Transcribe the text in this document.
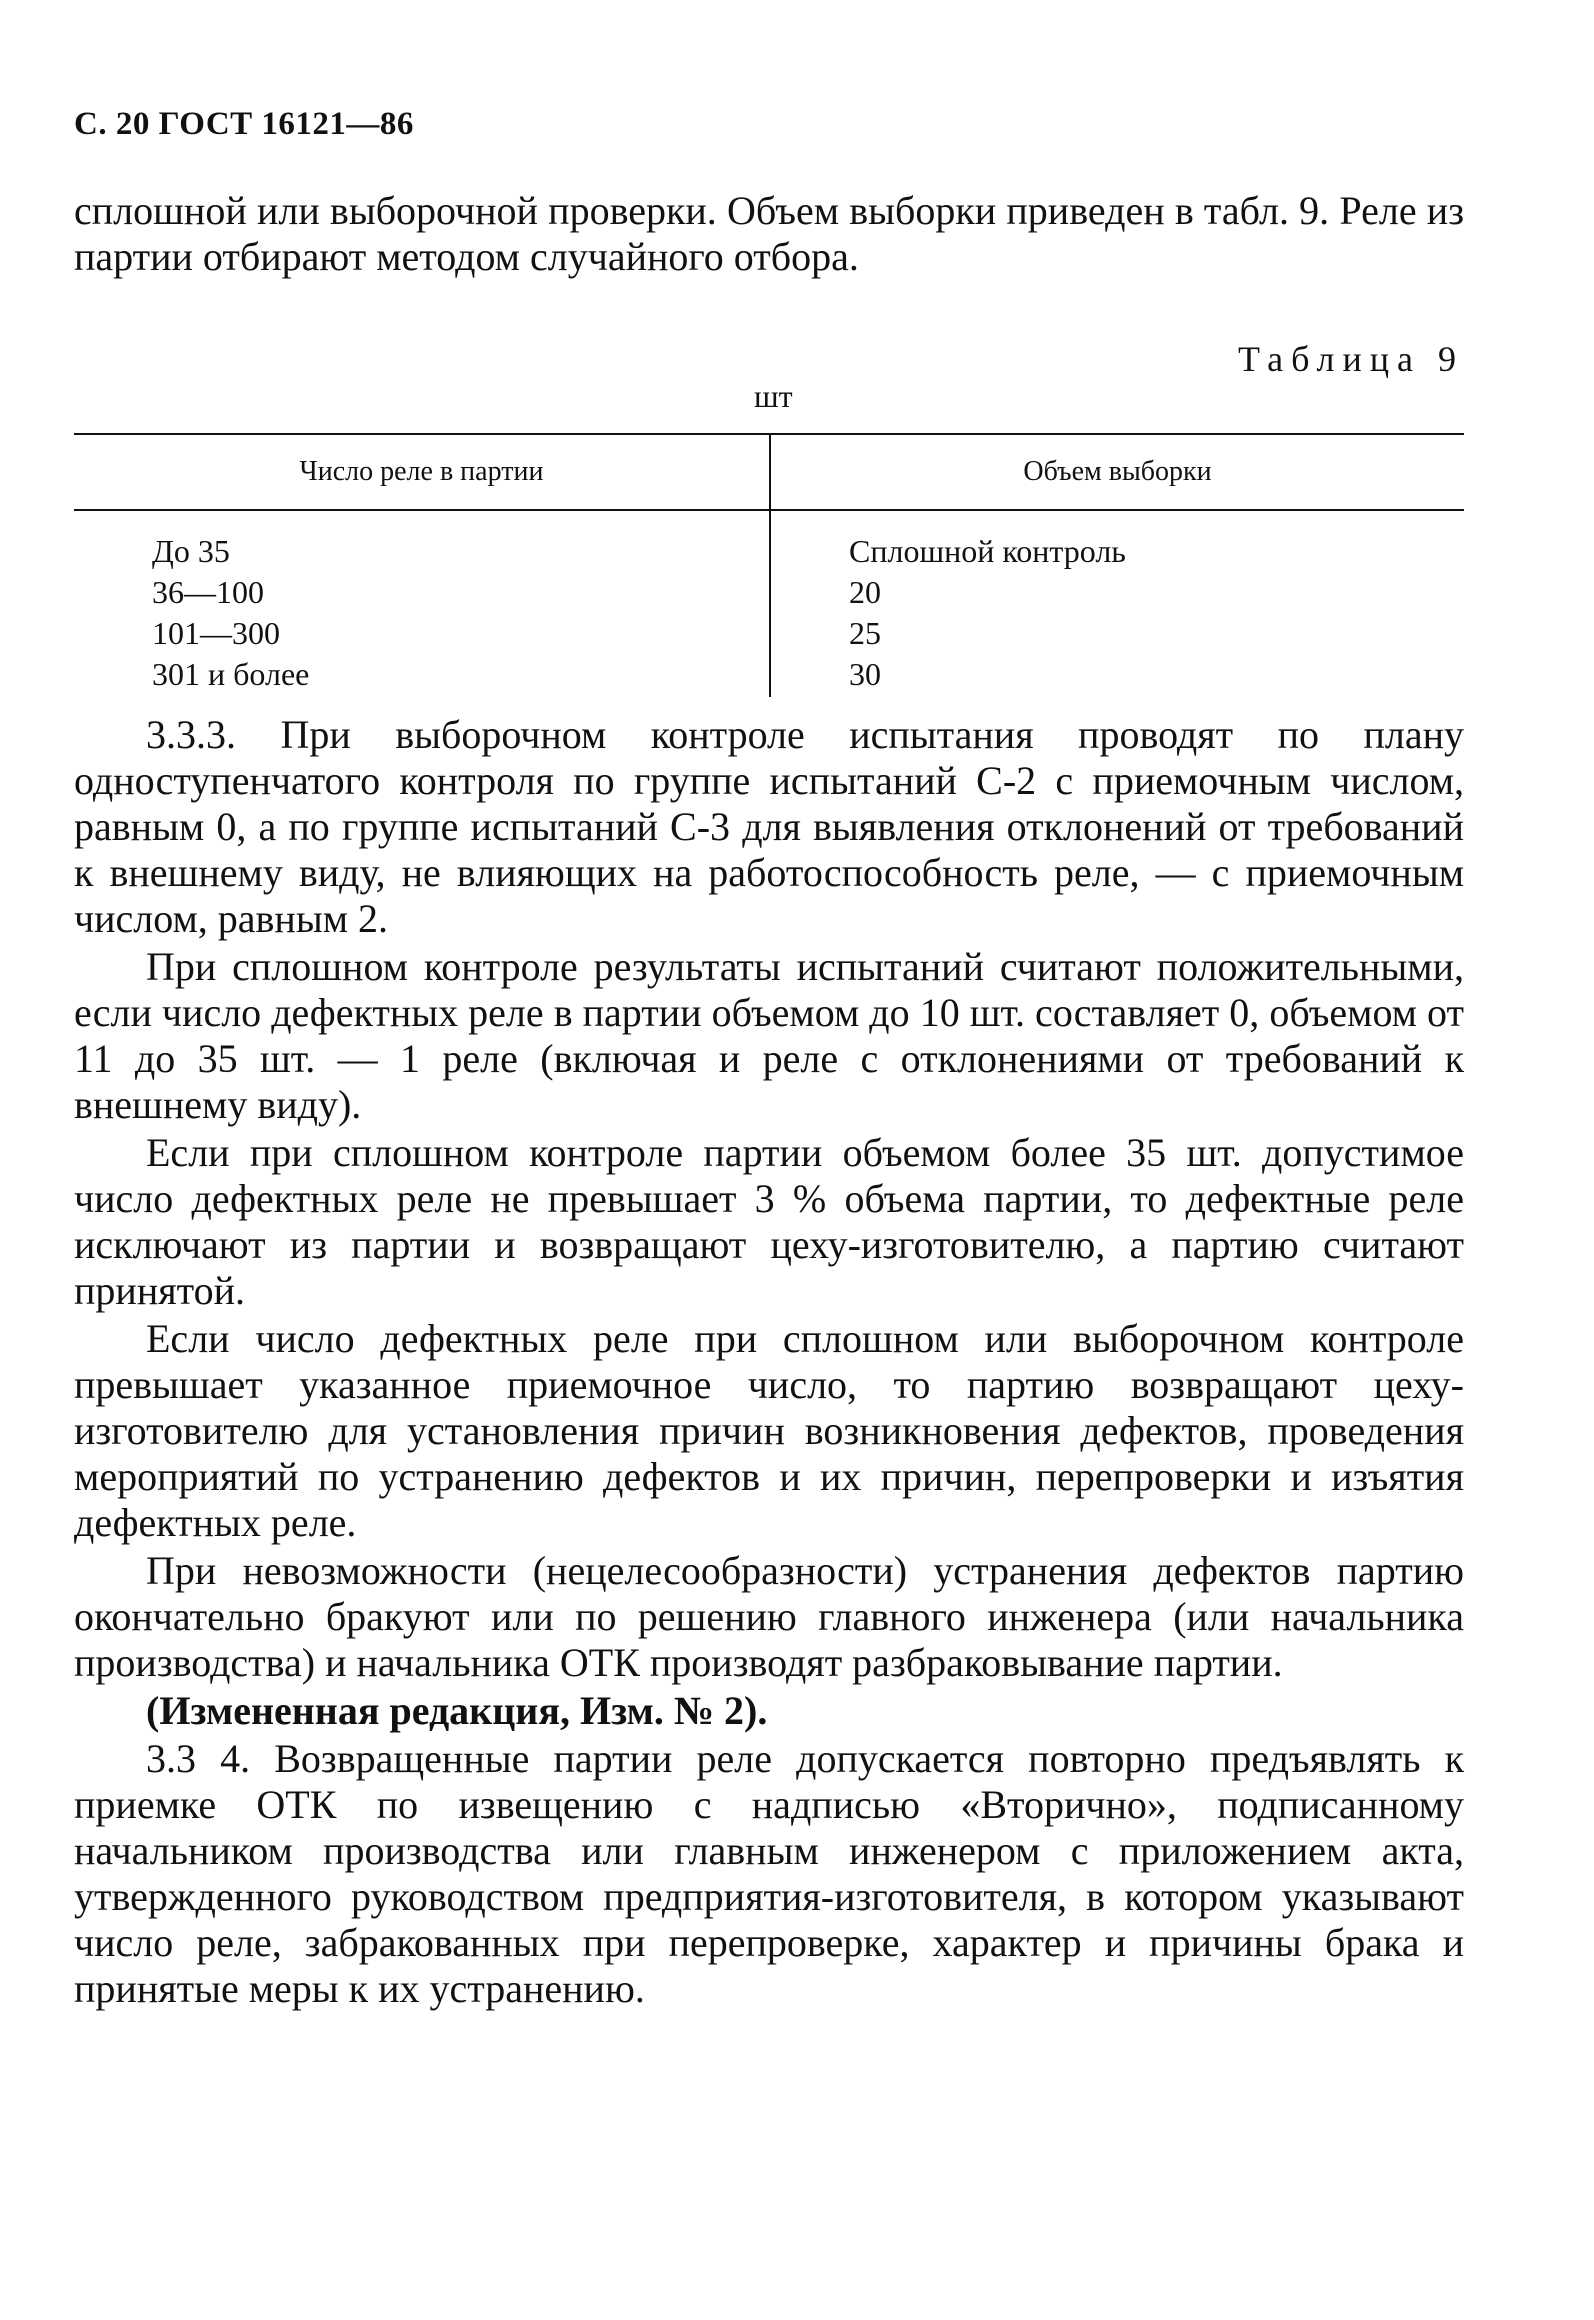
С. 20 ГОСТ 16121—86

сплошной или выборочной проверки. Объем выборки приведен в табл. 9. Реле из партии отбирают методом случайного отбора.

Таблица 9
шт
Число реле в партии	Объем выборки
До 35	Сплошной контроль
36—100	20
101—300	25
301 и более	30

3.3.3. При выборочном контроле испытания проводят по плану одноступенчатого контроля по группе испытаний С-2 с приемочным числом, равным 0, а по группе испытаний С-3 для выявления отклонений от требований к внешнему виду, не влияющих на работоспособность реле, — с приемочным числом, равным 2.

При сплошном контроле результаты испытаний считают положительными, если число дефектных реле в партии объемом до 10 шт. составляет 0, объемом от 11 до 35 шт. — 1 реле (включая и реле с отклонениями от требований к внешнему виду).

Если при сплошном контроле партии объемом более 35 шт. допустимое число дефектных реле не превышает 3 % объема партии, то дефектные реле исключают из партии и возвращают цеху-изготовителю, а партию считают принятой.

Если число дефектных реле при сплошном или выборочном контроле превышает указанное приемочное число, то партию возвращают цеху-изготовителю для установления причин возникновения дефектов, проведения мероприятий по устранению дефектов и их причин, перепроверки и изъятия дефектных реле.

При невозможности (нецелесообразности) устранения дефектов партию окончательно бракуют или по решению главного инженера (или начальника производства) и начальника ОТК производят разбраковывание партии.

(Измененная редакция, Изм. № 2).

3.3 4. Возвращенные партии реле допускается повторно предъявлять к приемке ОТК по извещению с надписью «Вторично», подписанному начальником производства или главным инженером с приложением акта, утвержденного руководством предприятия-изготовителя, в котором указывают число реле, забракованных при перепроверке, характер и причины брака и принятые меры к их устранению.
